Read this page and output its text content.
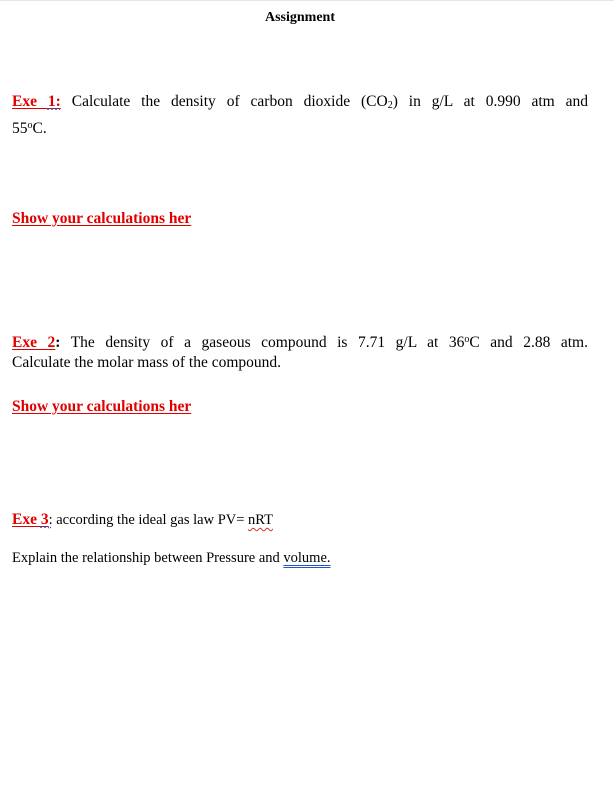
Assignment
Exe 1: Calculate the density of carbon dioxide $(CO_2)$ in g/L at 0.990 atm and
55$^o$C.
Show your calculations her
Exe 2: The density of a gaseous compound is 7.71 g/L at 36$^o$C and 2.88 atm.
Calculate the molar mass of the compound.
Show your calculations her
Exe 3: according the ideal gas law PV= nRT
Explain the relationship between Pressure and volume.
